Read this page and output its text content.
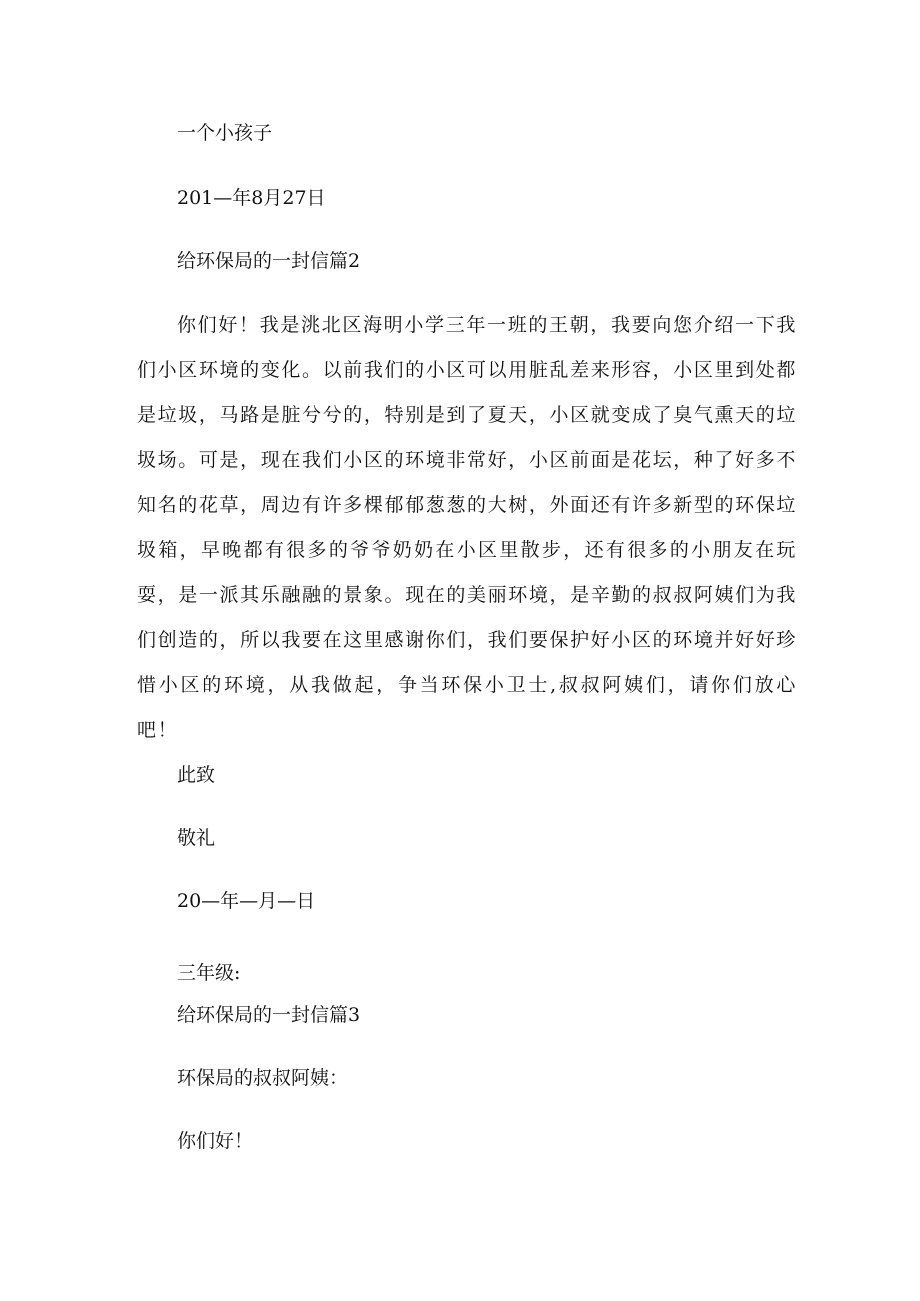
一个小孩子

201—年8月27日

给环保局的一封信篇2

你们好！我是洮北区海明小学三年一班的王朝，我要向您介绍一下我们小区环境的变化。以前我们的小区可以用脏乱差来形容，小区里到处都是垃圾，马路是脏兮兮的，特别是到了夏天，小区就变成了臭气熏天的垃圾场。可是，现在我们小区的环境非常好，小区前面是花坛，种了好多不知名的花草，周边有许多棵郁郁葱葱的大树，外面还有许多新型的环保垃圾箱，早晚都有很多的爷爷奶奶在小区里散步，还有很多的小朋友在玩耍，是一派其乐融融的景象。现在的美丽环境，是辛勤的叔叔阿姨们为我们创造的，所以我要在这里感谢你们，我们要保护好小区的环境并好好珍惜小区的环境，从我做起，争当环保小卫士,叔叔阿姨们，请你们放心吧！

此致

敬礼

20—年—月—日

三年级:

给环保局的一封信篇3

环保局的叔叔阿姨：

你们好！
